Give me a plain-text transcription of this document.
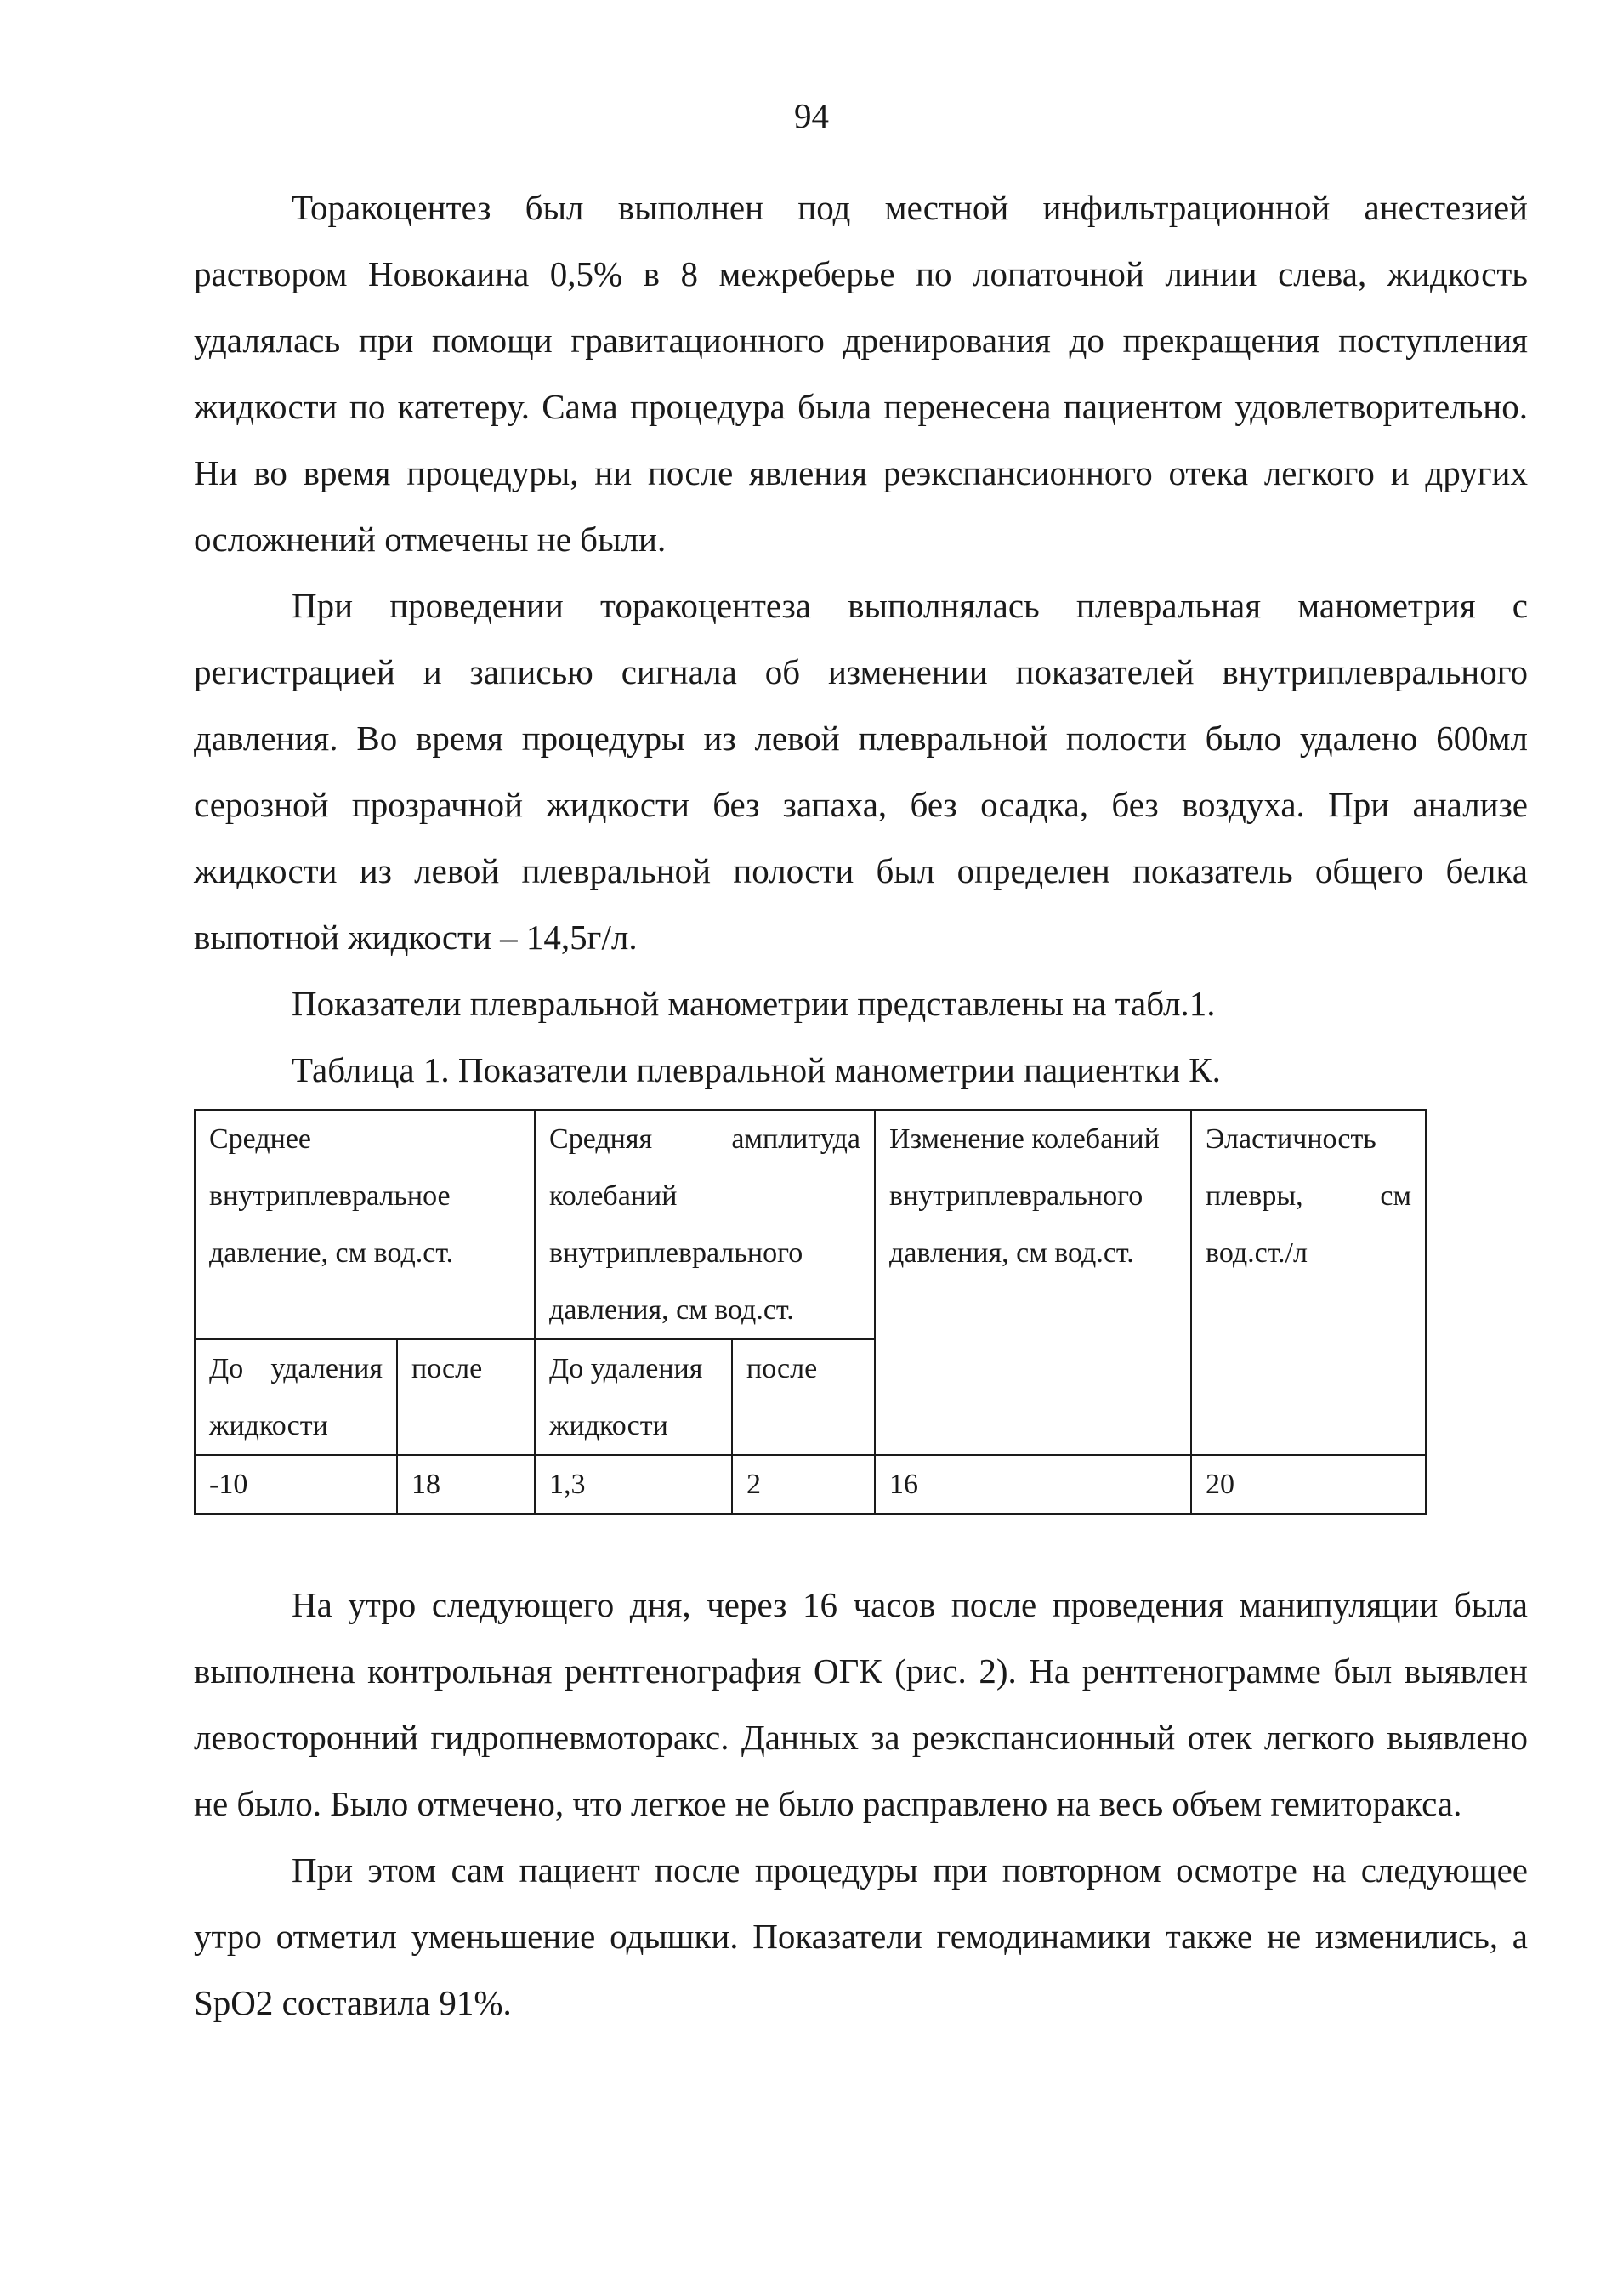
94

Торакоцентез был выполнен под местной инфильтрационной анестезией раствором Новокаина 0,5% в 8 межреберье по лопаточной линии слева, жидкость удалялась при помощи гравитационного дренирования до прекращения поступления жидкости по катетеру. Сама процедура была перенесена пациентом удовлетворительно. Ни во время процедуры, ни после явления реэкспансионного отека легкого и других осложнений отмечены не были.

При проведении торакоцентеза выполнялась плевральная манометрия с регистрацией и записью сигнала об изменении показателей внутриплеврального давления. Во время процедуры из левой плевральной полости было удалено 600мл серозной прозрачной жидкости без запаха, без осадка, без воздуха. При анализе жидкости из левой плевральной полости был определен показатель общего белка выпотной жидкости – 14,5г/л.

Показатели плевральной манометрии представлены на табл.1.

Таблица 1. Показатели плевральной манометрии пациентки К.

Среднее внутриплевральное давление, см вод.ст.		Средняя амплитуда колебаний внутриплеврального давления, см вод.ст.		Изменение колебаний внутриплеврального давления, см вод.ст.	Эластичность плевры, см вод.ст./л
До удаления жидкости	после	До удаления жидкости	после		
-10	18	1,3	2	16	20

На утро следующего дня, через 16 часов после проведения манипуляции была выполнена контрольная рентгенография ОГК (рис. 2). На рентгенограмме был выявлен левосторонний гидропневмоторакс. Данных за реэкспансионный отек легкого выявлено не было. Было отмечено, что легкое не было расправлено на весь объем гемиторакса.

При этом сам пациент после процедуры при повторном осмотре на следующее утро отметил уменьшение одышки. Показатели гемодинамики также не изменились, а SpO2 составила 91%.
